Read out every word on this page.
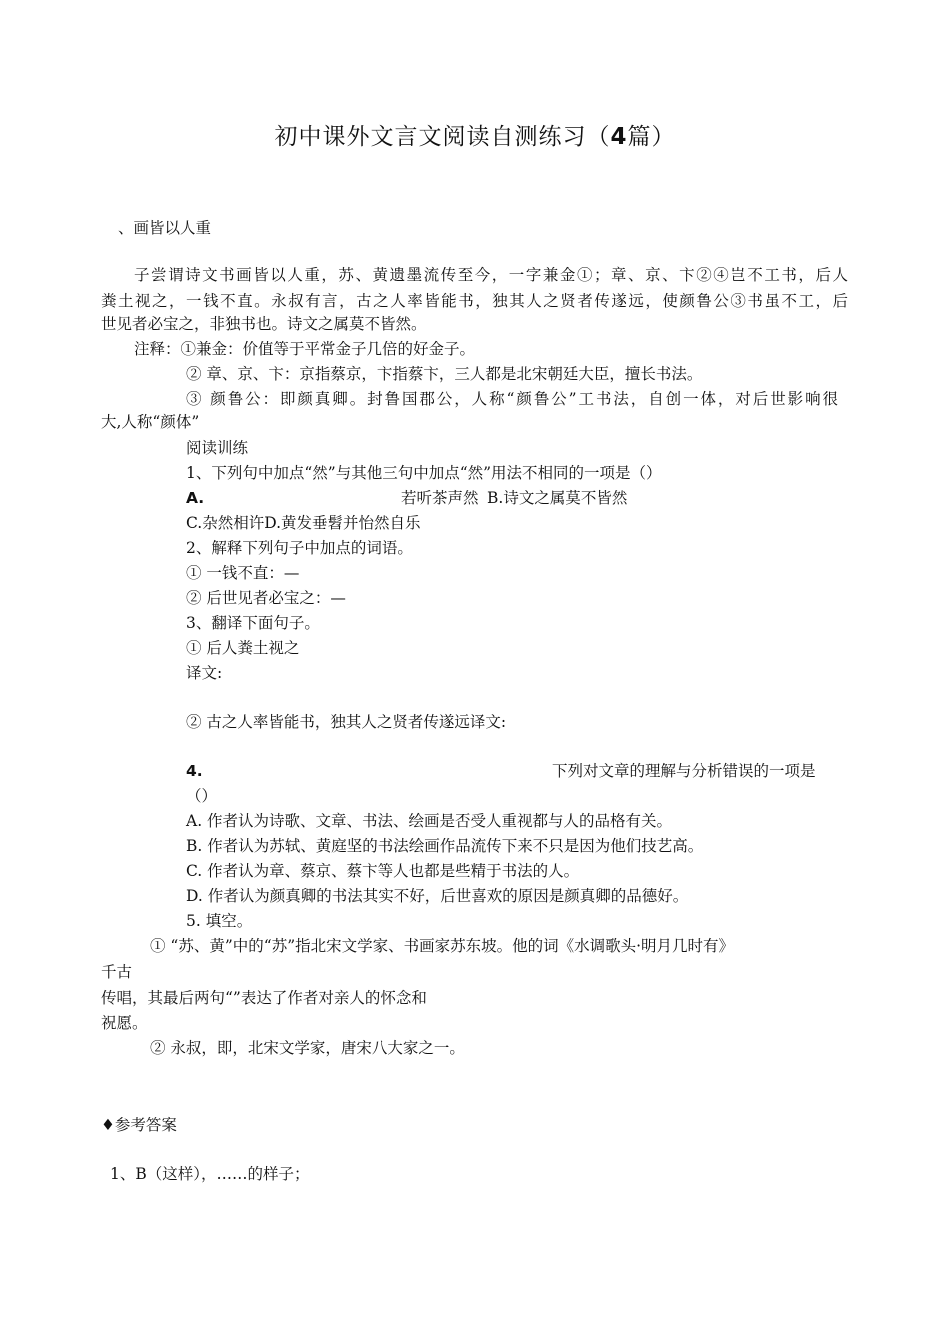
初中课外文言文阅读自测练习（4篇）
、画皆以人重
子尝谓诗文书画皆以人重，苏、黄遗墨流传至今，一字兼金①；章、京、卞②④岂不工书，后人
粪土视之，一钱不直。永叔有言，古之人率皆能书，独其人之贤者传遂远，使颜鲁公③书虽不工，后
世见者必宝之，非独书也。诗文之属莫不皆然。
注释：①兼金：价值等于平常金子几倍的好金子。
② 章、京、卞：京指蔡京，卞指蔡卞，三人都是北宋朝廷大臣，擅长书法。
③ 颜鲁公：即颜真卿。封鲁国郡公，人称“颜鲁公”工书法，自创一体，对后世影响很
大,人称“颜体”
阅读训练
1、下列句中加点“然”与其他三句中加点“然”用法不相同的一项是（）
A.	若听茶声然 B.诗文之属莫不皆然
C.杂然相许D.黄发垂髫并怡然自乐
2、解释下列句子中加点的词语。
① 一钱不直：—
② 后世见者必宝之：—
3、翻译下面句子。
① 后人粪土视之
译文:
② 古之人率皆能书，独其人之贤者传遂远译文:
4.	下列对文章的理解与分析错误的一项是
（）
A. 作者认为诗歌、文章、书法、绘画是否受人重视都与人的品格有关。
B. 作者认为苏轼、黄庭坚的书法绘画作品流传下来不只是因为他们技艺高。
C. 作者认为章、蔡京、蔡卞等人也都是些精于书法的人。
D. 作者认为颜真卿的书法其实不好，后世喜欢的原因是颜真卿的品德好。
5. 填空。
① “苏、黄”中的“苏”指北宋文学家、书画家苏东坡。他的词《水调歌头·明月几时有》
千古
传唱，其最后两句“”表达了作者对亲人的怀念和
祝愿。
② 永叔，即，北宋文学家，唐宋八大家之一。
♦参考答案
1、B（这样），……的样子；
